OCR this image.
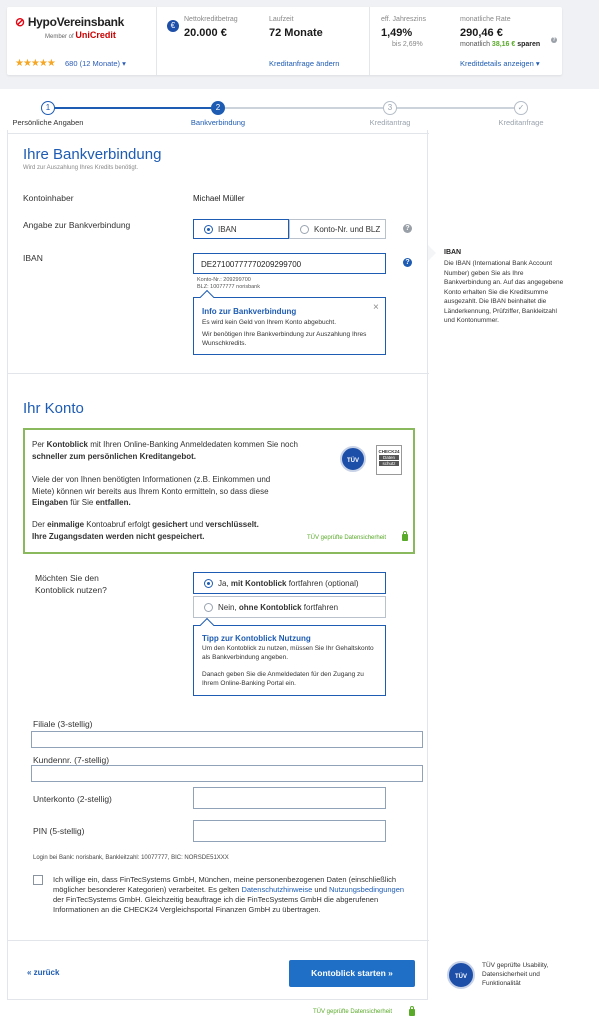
⊘ HypoVereinsbank
Member of UniCredit
★★★★★ 680 (12 Monate) ▾
€
Nettokreditbetrag
20.000 €
Laufzeit
72 Monate
Kreditanfrage ändern
eff. Jahreszins
1,49%
bis 2,69%
monatliche Rate
290,46 €
monatlich 38,16 € sparen
?
Kreditdetails anzeigen ▾
1	2	3	✓
Persönliche Angaben	Bankverbindung	Kreditantrag	Kreditanfrage
Ihre Bankverbindung
Wird zur Auszahlung Ihres Kredits benötigt.
Kontoinhaber	Michael Müller
Angabe zur Bankverbindung	IBAN	Konto-Nr. und BLZ	?
IBAN
DE27100777770209299700	?
Konto-Nr.: 209299700
BLZ: 10077777 norisbank
Info zur Bankverbindung	×
Es wird kein Geld von Ihrem Konto abgebucht.
Wir benötigen Ihre Bankverbindung zur Auszahlung Ihres Wunschkredits.
IBAN
Die IBAN (International Bank Account Number) geben Sie als Ihre Bankverbindung an. Auf das angegebene Konto erhalten Sie die Kreditsumme ausgezahlt. Die IBAN beinhaltet die Länderkennung, Prüfziffer, Bankleitzahl und Kontonummer.
Ihr Konto
Per Kontoblick mit Ihren Online-Banking Anmeldedaten kommen Sie noch schneller zum persönlichen Kreditangebot.
Viele der von Ihnen benötigten Informationen (z.B. Einkommen und Miete) können wir bereits aus Ihrem Konto ermitteln, so dass diese Eingaben für Sie entfallen.
Der einmalige Kontoabruf erfolgt gesichert und verschlüsselt.
Ihre Zugangsdaten werden nicht gespeichert.
TÜV
CHECK24
Daten
schutz
TÜV geprüfte Datensicherheit
Möchten Sie den Kontoblick nutzen?
Ja, mit Kontoblick fortfahren (optional)
Nein, ohne Kontoblick fortfahren
Tipp zur Kontoblick Nutzung
Um den Kontoblick zu nutzen, müssen Sie Ihr Gehaltskonto als Bankverbindung angeben.
Danach geben Sie die Anmeldedaten für den Zugang zu Ihrem Online-Banking Portal ein.
Filiale (3-stellig)
Kundennr. (7-stellig)
Unterkonto (2-stellig)
PIN (5-stellig)
Login bei Bank: norisbank, Bankleitzahl: 10077777, BIC: NORSDE51XXX
Ich willige ein, dass FinTecSystems GmbH, München, meine personenbezogenen Daten (einschließlich möglicher besonderer Kategorien) verarbeitet. Es gelten Datenschutzhinweise und Nutzungsbedingungen der FinTecSystems GmbH. Gleichzeitig beauftrage ich die FinTecSystems GmbH die abgerufenen Informationen an die CHECK24 Vergleichsportal Finanzen GmbH zu übertragen.
« zurück	Kontoblick starten »	TÜV
TÜV geprüfte Usability, Datensicherheit und Funktionalität
TÜV geprüfte Datensicherheit
